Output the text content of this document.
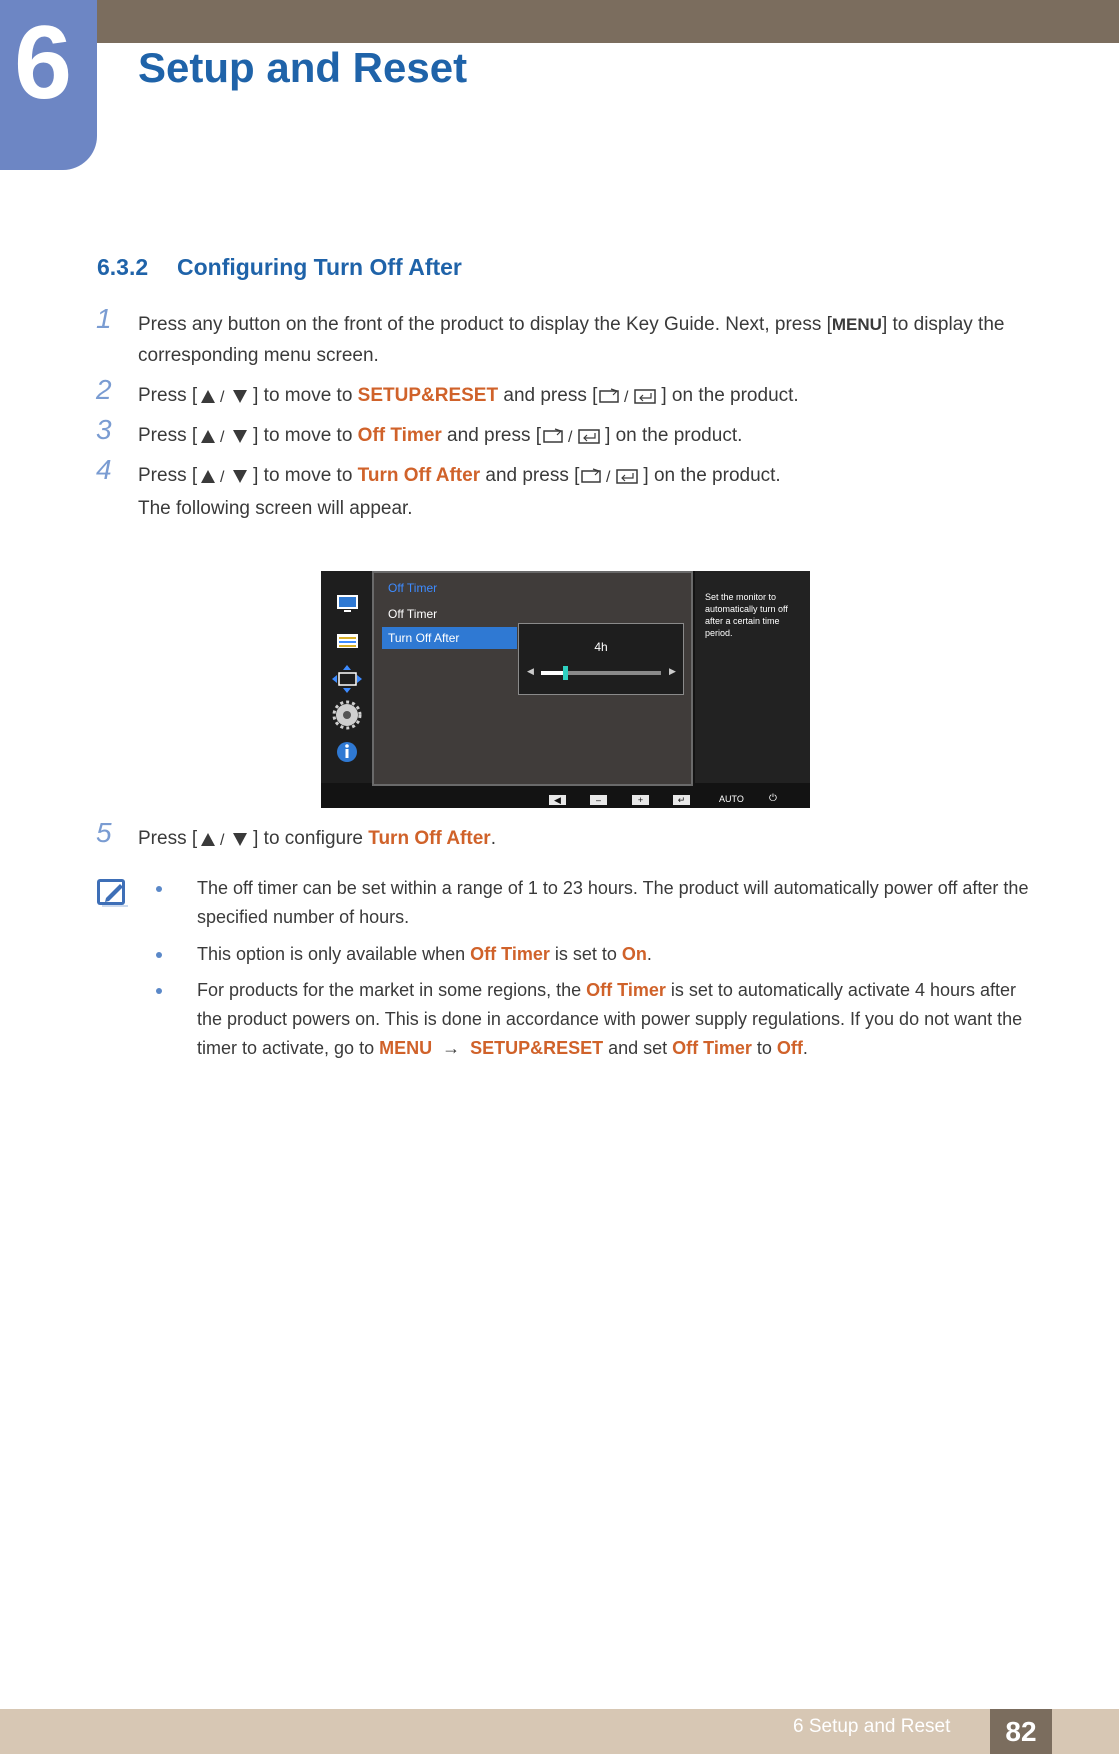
6 Setup and Reset
6.3.2 Configuring Turn Off After
1 Press any button on the front of the product to display the Key Guide. Next, press [MENU] to display the corresponding menu screen.
2 Press [ / ] to move to SETUP&RESET and press [ / ] on the product.
3 Press [ / ] to move to Off Timer and press [ / ] on the product.
4 Press [ / ] to move to Turn Off After and press [ / ] on the product.
The following screen will appear.
Off Timer
Off Timer
Turn Off After
4h
◀	▶
Set the monitor to automatically turn off after a certain time period.
◀	–	+	↵	AUTO	⏻
5 Press [ / ] to configure Turn Off After.
The off timer can be set within a range of 1 to 23 hours. The product will automatically power off after the specified number of hours.
This option is only available when Off Timer is set to On.
For products for the market in some regions, the Off Timer is set to automatically activate 4 hours after the product powers on. This is done in accordance with power supply regulations. If you do not want the timer to activate, go to MENU → SETUP&RESET and set Off Timer to Off.
6 Setup and Reset	82
